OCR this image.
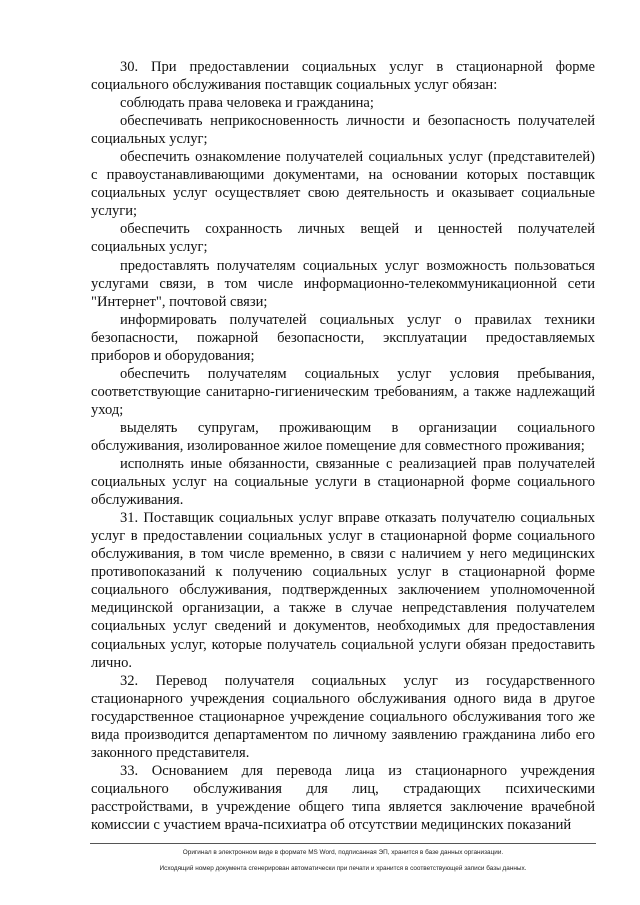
30. При предоставлении социальных услуг в стационарной форме социального обслуживания поставщик социальных услуг обязан:

соблюдать права человека и гражданина;

обеспечивать неприкосновенность личности и безопасность получателей социальных услуг;

обеспечить ознакомление получателей социальных услуг (представителей) с правоустанавливающими документами, на основании которых поставщик социальных услуг осуществляет свою деятельность и оказывает социальные услуги;

обеспечить сохранность личных вещей и ценностей получателей социальных услуг;

предоставлять получателям социальных услуг возможность пользоваться услугами связи, в том числе информационно-телекоммуникационной сети "Интернет", почтовой связи;

информировать получателей социальных услуг о правилах техники безопасности, пожарной безопасности, эксплуатации предоставляемых приборов и оборудования;

обеспечить получателям социальных услуг условия пребывания, соответствующие санитарно-гигиеническим требованиям, а также надлежащий уход;

выделять супругам, проживающим в организации социального обслуживания, изолированное жилое помещение для совместного проживания;

исполнять иные обязанности, связанные с реализацией прав получателей социальных услуг на социальные услуги в стационарной форме социального обслуживания.

31. Поставщик социальных услуг вправе отказать получателю социальных услуг в предоставлении социальных услуг в стационарной форме социального обслуживания, в том числе временно, в связи с наличием у него медицинских противопоказаний к получению социальных услуг в стационарной форме социального обслуживания, подтвержденных заключением уполномоченной медицинской организации, а также в случае непредставления получателем социальных услуг сведений и документов, необходимых для предоставления социальных услуг, которые получатель социальной услуги обязан предоставить лично.

32. Перевод получателя социальных услуг из государственного стационарного учреждения социального обслуживания одного вида в другое государственное стационарное учреждение социального обслуживания того же вида производится департаментом по личному заявлению гражданина либо его законного представителя.

33. Основанием для перевода лица из стационарного учреждения социального обслуживания для лиц, страдающих психическими расстройствами, в учреждение общего типа является заключение врачебной комиссии с участием врача-психиатра об отсутствии медицинских показаний

Оригинал в электронном виде в формате MS Word, подписанная ЭП, хранится в базе данных организации.
Исходящий номер документа сгенерирован автоматически при печати и хранится в соответствующей записи базы данных.
